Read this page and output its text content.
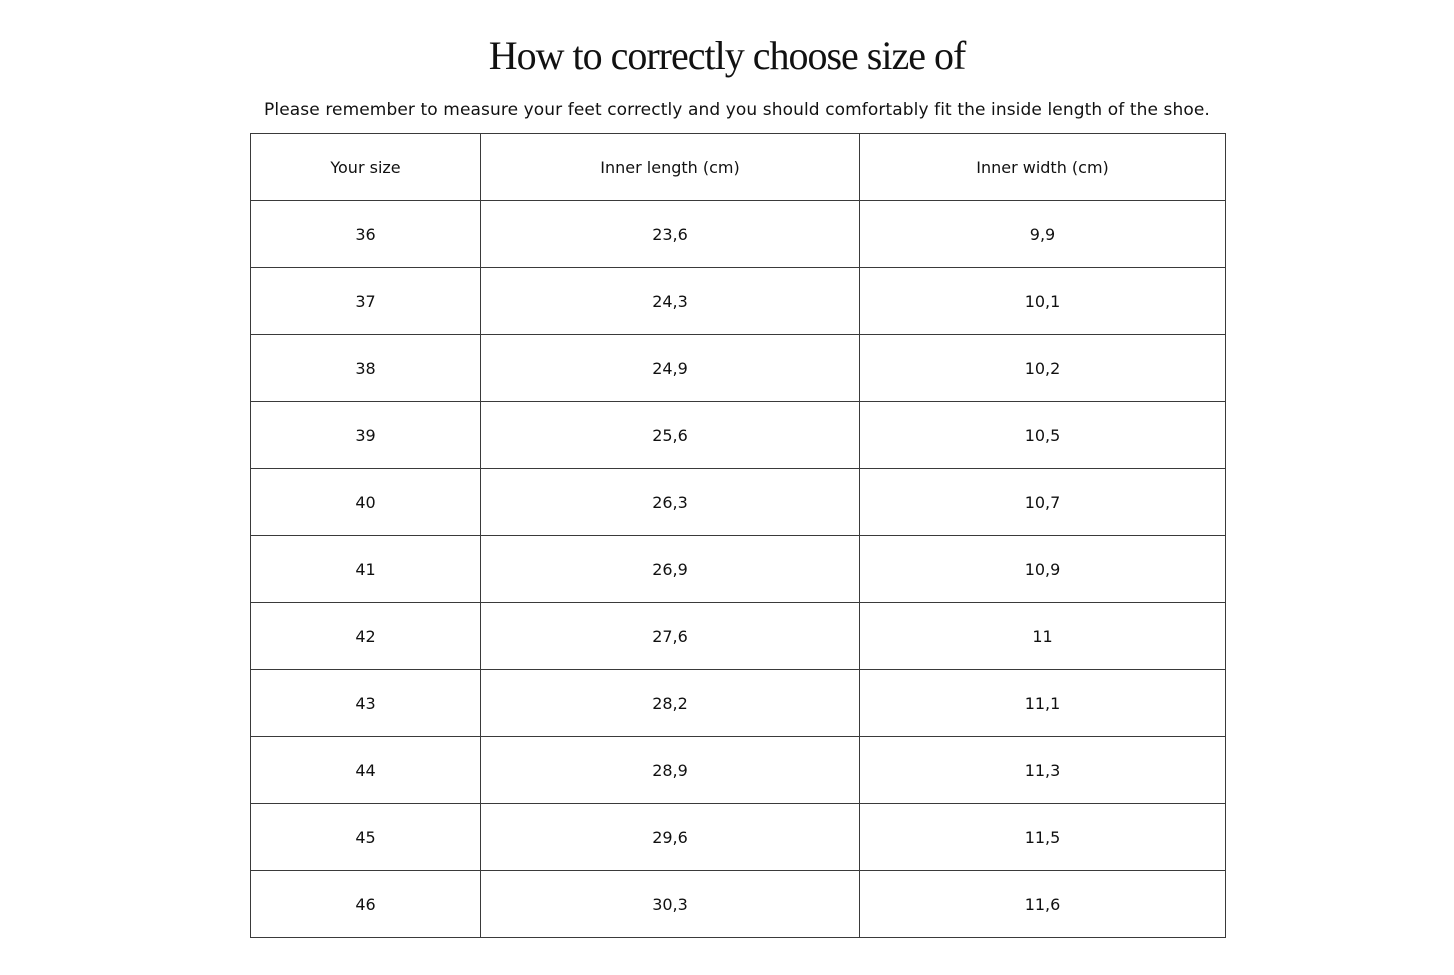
How to correctly choose size of

Please remember to measure your feet correctly and you should comfortably fit the inside length of the shoe.

Your size	Inner length (cm)	Inner width (cm)
36	23,6	9,9
37	24,3	10,1
38	24,9	10,2
39	25,6	10,5
40	26,3	10,7
41	26,9	10,9
42	27,6	11
43	28,2	11,1
44	28,9	11,3
45	29,6	11,5
46	30,3	11,6
